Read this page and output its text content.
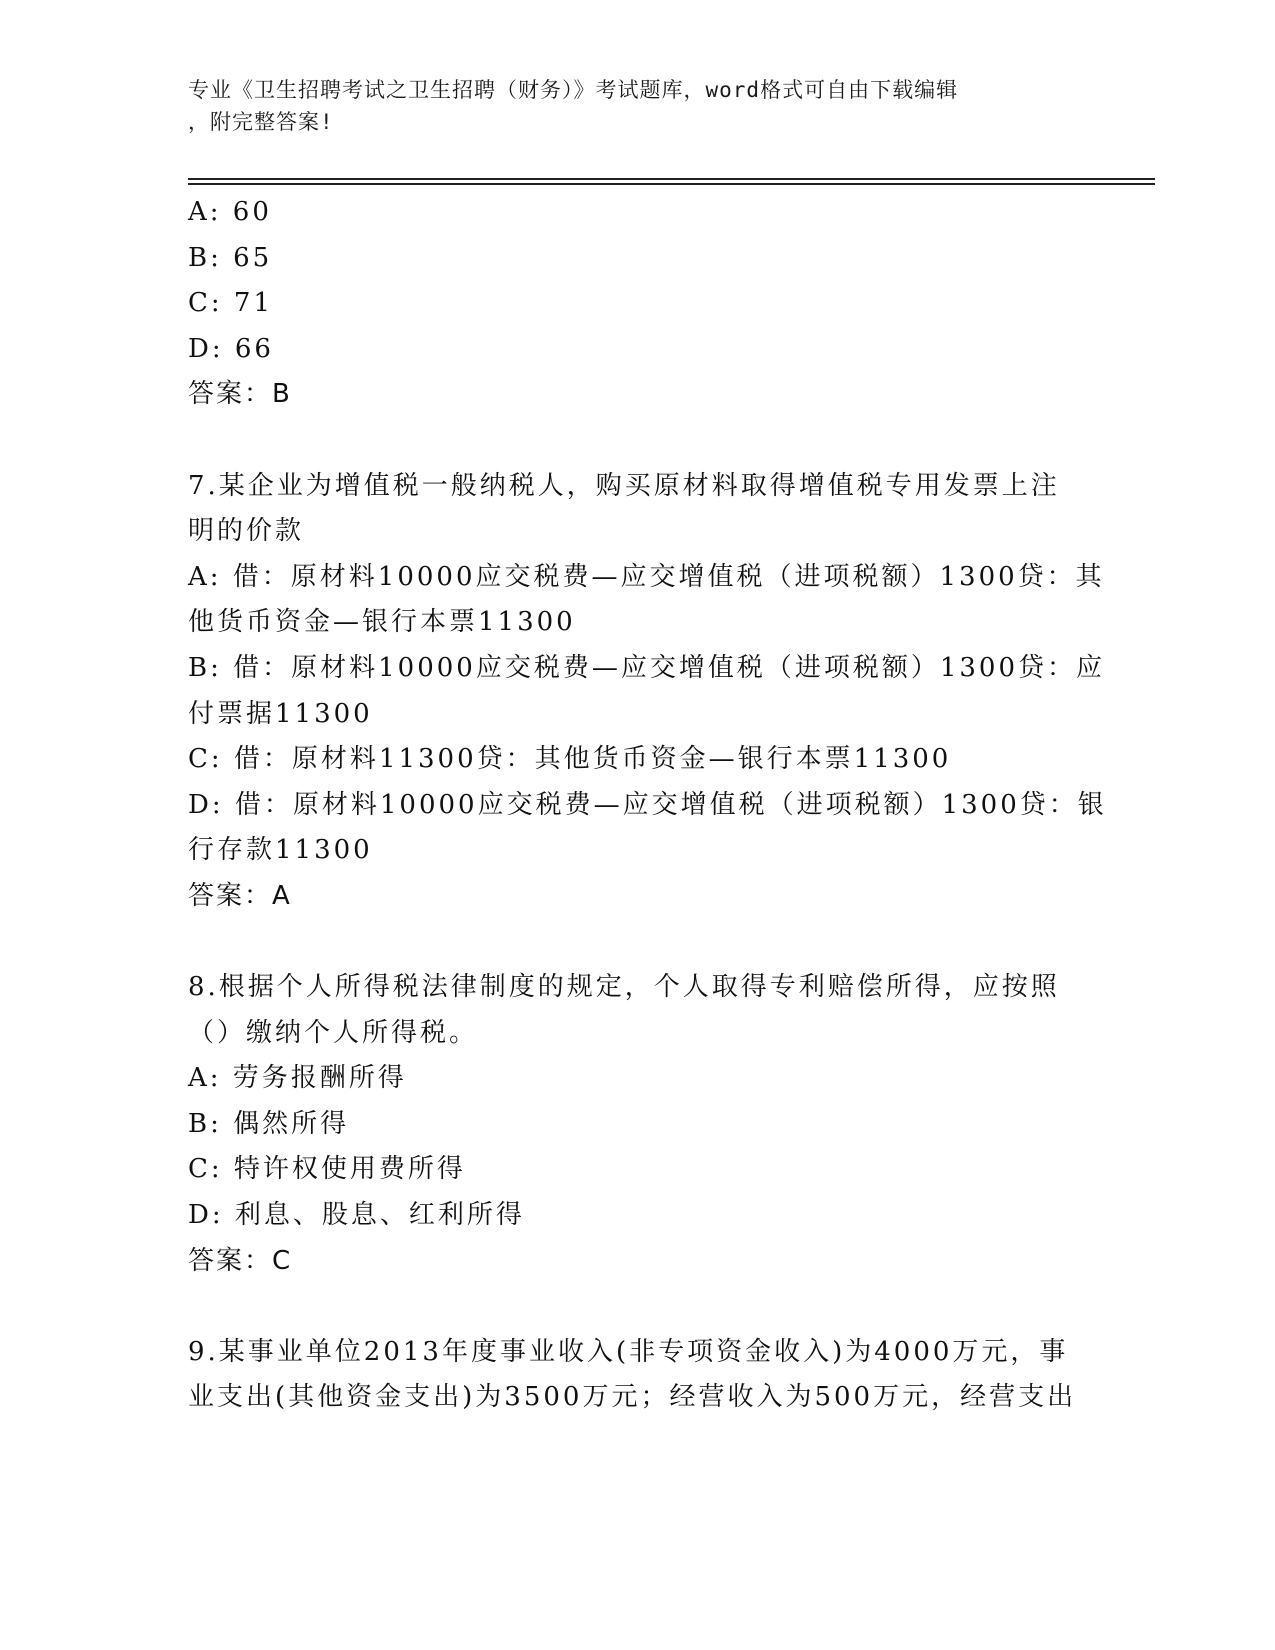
专业《卫生招聘考试之卫生招聘（财务）》考试题库，word格式可自由下载编辑
，附完整答案!
A: 60
B: 65
C: 71
D: 66
答案：B
7.某企业为增值税一般纳税人，购买原材料取得增值税专用发票上注
明的价款
A: 借：原材料10000应交税费—应交增值税（进项税额）1300贷：其
他货币资金—银行本票11300
B: 借：原材料10000应交税费—应交增值税（进项税额）1300贷：应
付票据11300
C: 借：原材料11300贷：其他货币资金—银行本票11300
D: 借：原材料10000应交税费—应交增值税（进项税额）1300贷：银
行存款11300
答案：A
8.根据个人所得税法律制度的规定，个人取得专利赔偿所得，应按照
（）缴纳个人所得税。
A: 劳务报酬所得
B: 偶然所得
C: 特许权使用费所得
D: 利息、股息、红利所得
答案：C
9.某事业单位2013年度事业收入(非专项资金收入)为4000万元，事
业支出(其他资金支出)为3500万元；经营收入为500万元，经营支出
